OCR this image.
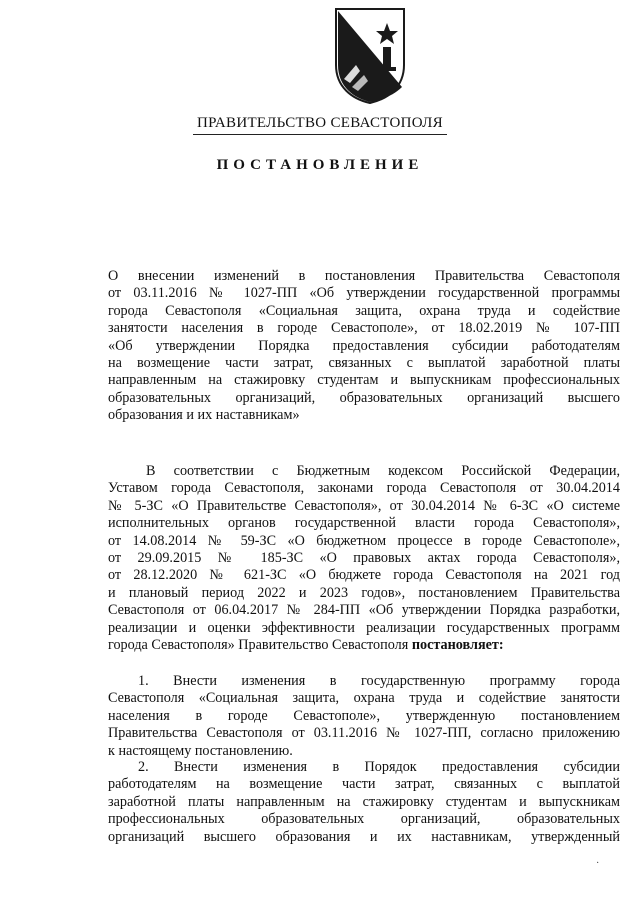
ПРАВИТЕЛЬСТВО СЕВАСТОПОЛЯ
ПОСТАНОВЛЕНИЕ
О внесении изменений в постановления Правительства Севастополя
от 03.11.2016 № 1027-ПП «Об утверждении государственной программы
города Севастополя «Социальная защита, охрана труда и содействие
занятости населения в городе Севастополе», от 18.02.2019 № 107-ПП
«Об утверждении Порядка предоставления субсидии работодателям
на возмещение части затрат, связанных с выплатой заработной платы
направленным на стажировку студентам и выпускникам профессиональных
образовательных организаций, образовательных организаций высшего
образования и их наставникам»
В соответствии с Бюджетным кодексом Российской Федерации,
Уставом города Севастополя, законами города Севастополя от 30.04.2014
№ 5-ЗС «О Правительстве Севастополя», от 30.04.2014 № 6-ЗС «О системе
исполнительных органов государственной власти города Севастополя»,
от 14.08.2014 № 59-ЗС «О бюджетном процессе в городе Севастополе»,
от 29.09.2015 № 185-ЗС «О правовых актах города Севастополя»,
от 28.12.2020 № 621-ЗС «О бюджете города Севастополя на 2021 год
и плановый период 2022 и 2023 годов», постановлением Правительства
Севастополя от 06.04.2017 № 284-ПП «Об утверждении Порядка разработки,
реализации и оценки эффективности реализации государственных программ
города Севастополя» Правительство Севастополя постановляет:
1. Внести изменения в государственную программу города
Севастополя «Социальная защита, охрана труда и содействие занятости
населения в городе Севастополе», утвержденную постановлением
Правительства Севастополя от 03.11.2016 № 1027-ПП, согласно приложению
к настоящему постановлению.
2. Внести изменения в Порядок предоставления субсидии
работодателям на возмещение части затрат, связанных с выплатой
заработной платы направленным на стажировку студентам и выпускникам
профессиональных образовательных организаций, образовательных
организаций высшего образования и их наставникам, утвержденный
·
